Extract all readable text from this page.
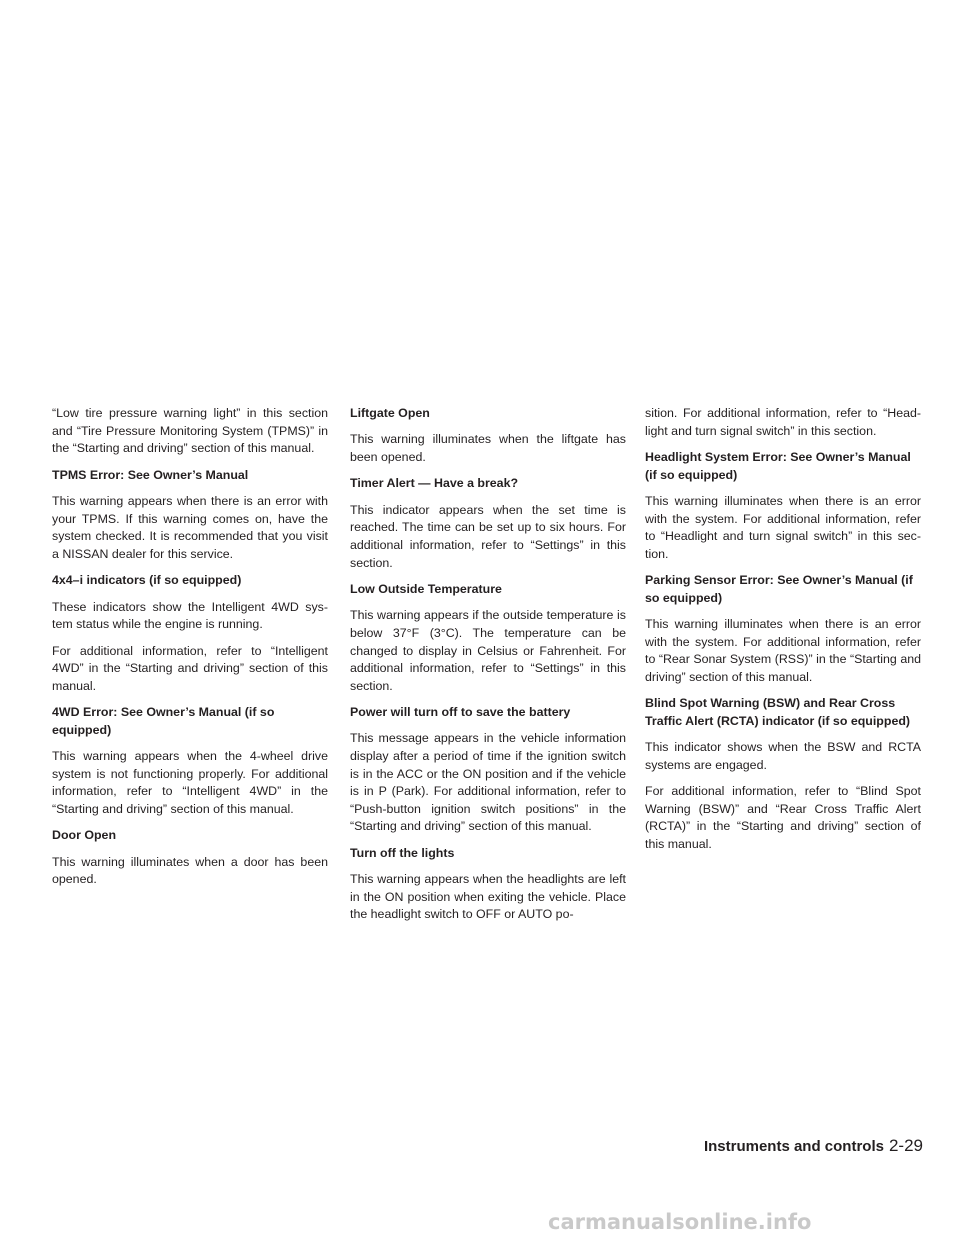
“Low tire pressure warning light” in this section and “Tire Pressure Monitoring System (TPMS)” in the “Starting and driving” section of this manual.

TPMS Error: See Owner’s Manual

This warning appears when there is an error with your TPMS. If this warning comes on, have the system checked. It is recommended that you visit a NISSAN dealer for this service.

4x4–i indicators (if so equipped)

These indicators show the Intelligent 4WD sys-tem status while the engine is running.

For additional information, refer to “Intelligent 4WD” in the “Starting and driving” section of this manual.

4WD Error: See Owner’s Manual (if so equipped)

This warning appears when the 4-wheel drive system is not functioning properly. For additional information, refer to “Intelligent 4WD” in the “Starting and driving” section of this manual.

Door Open

This warning illuminates when a door has been opened.

Liftgate Open

This warning illuminates when the liftgate has been opened.

Timer Alert — Have a break?

This indicator appears when the set time is reached. The time can be set up to six hours. For additional information, refer to “Settings” in this section.

Low Outside Temperature

This warning appears if the outside temperature is below 37°F (3°C). The temperature can be changed to display in Celsius or Fahrenheit. For additional information, refer to “Settings” in this section.

Power will turn off to save the battery

This message appears in the vehicle information display after a period of time if the ignition switch is in the ACC or the ON position and if the vehicle is in P (Park). For additional information, refer to “Push-button ignition switch positions” in the “Starting and driving” section of this manual.

Turn off the lights

This warning appears when the headlights are left in the ON position when exiting the vehicle. Place the headlight switch to OFF or AUTO po-

sition. For additional information, refer to “Head-light and turn signal switch” in this section.

Headlight System Error: See Owner’s Manual (if so equipped)

This warning illuminates when there is an error with the system. For additional information, refer to “Headlight and turn signal switch” in this sec-tion.

Parking Sensor Error: See Owner’s Manual (if so equipped)

This warning illuminates when there is an error with the system. For additional information, refer to “Rear Sonar System (RSS)” in the “Starting and driving” section of this manual.

Blind Spot Warning (BSW) and Rear Cross Traffic Alert (RCTA) indicator (if so equipped)

This indicator shows when the BSW and RCTA systems are engaged.

For additional information, refer to “Blind Spot Warning (BSW)” and “Rear Cross Traffic Alert (RCTA)” in the “Starting and driving” section of this manual.

Instruments and controls 2-29
carmanualsonline.info
